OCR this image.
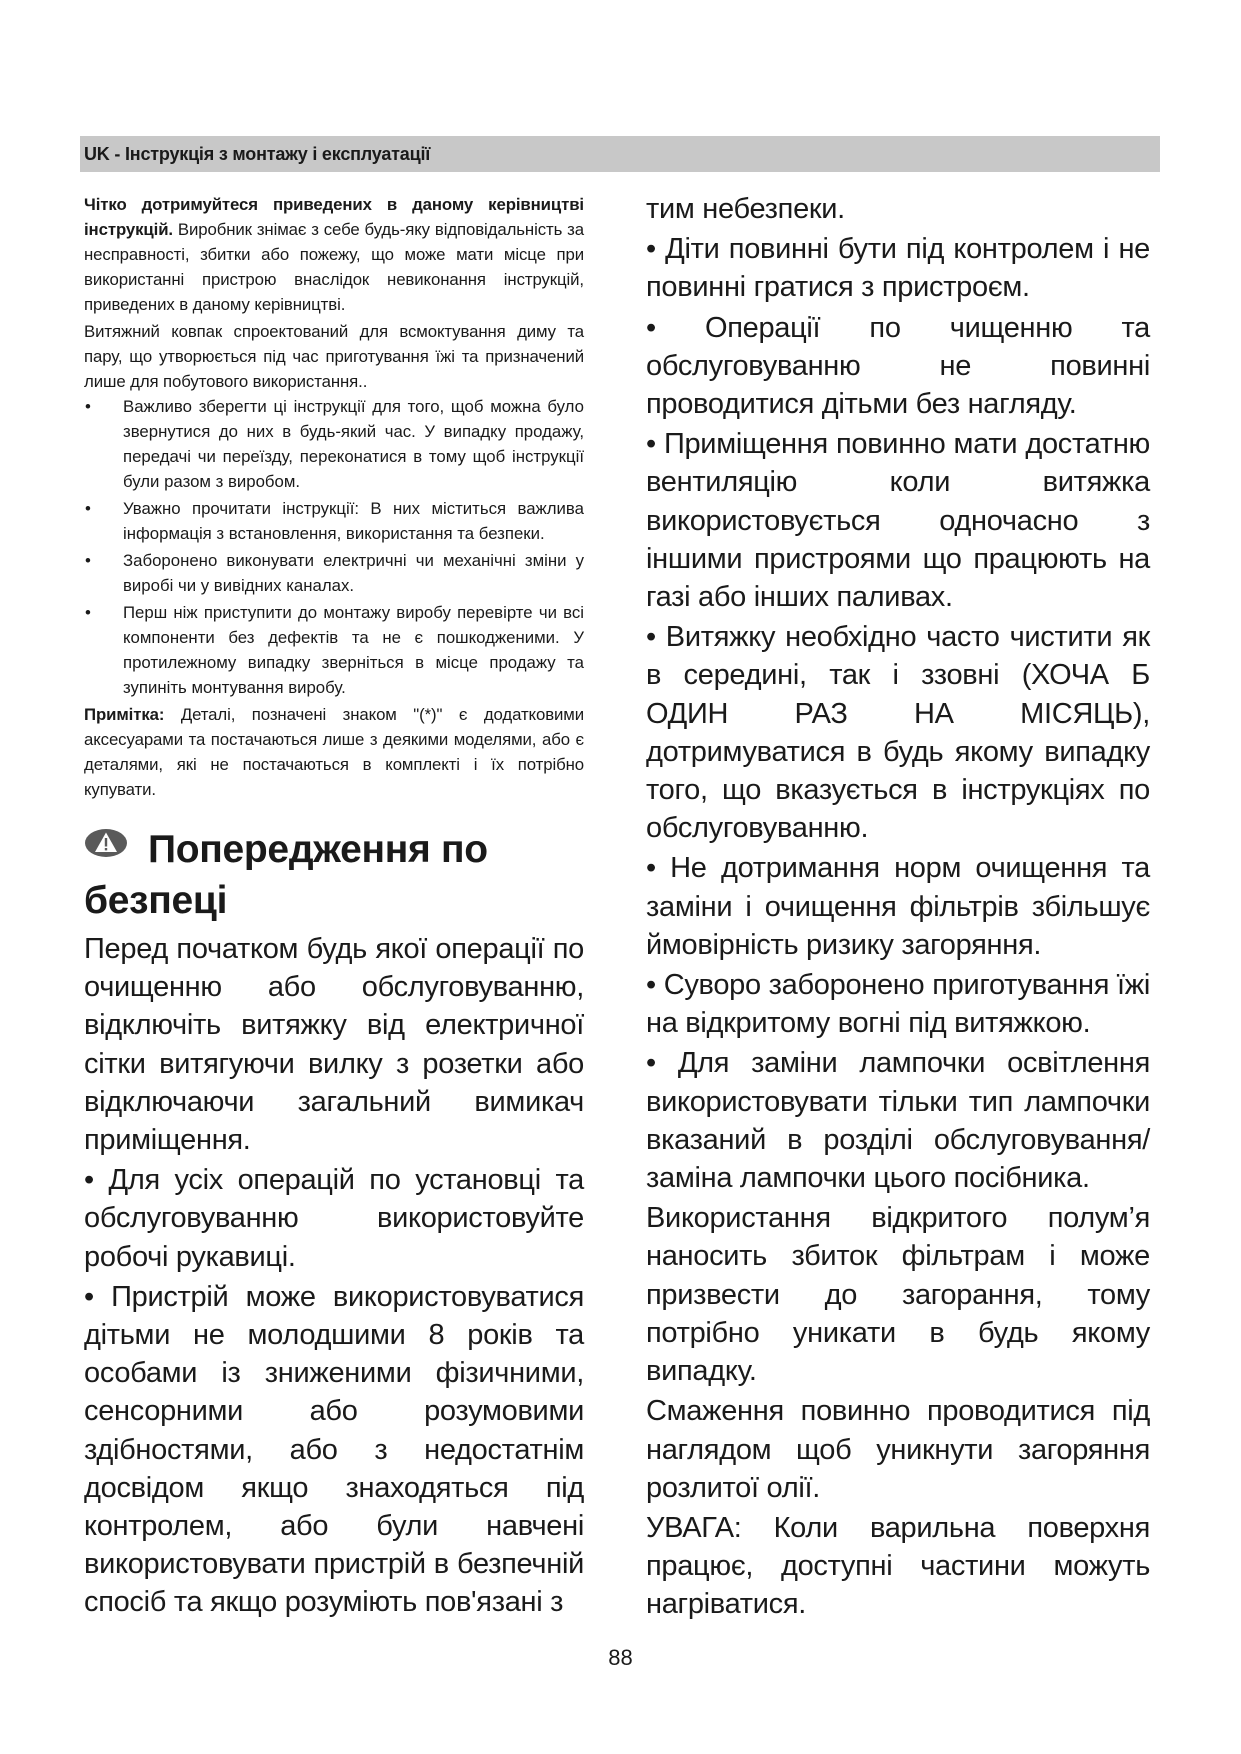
UK - Інструкція з монтажу і експлуатації

Чітко дотримуйтеся приведених в даному керівництві інструкцій. Виробник знімає з себе будь-яку відповідальність за несправності, збитки або пожежу, що може мати місце при використанні пристрою внаслідок невиконання інструкцій, приведених в даному керівництві.

Витяжний ковпак спроектований для всмоктування диму та пару, що утворюється під час приготування їжі та призначений лише для побутового використання..

• Важливо зберегти ці інструкції для того, щоб можна було звернутися до них в будь-який час. У випадку продажу, передачі чи переїзду, переконатися в тому щоб інструкції були разом з виробом.
• Уважно прочитати інструкції: В них міститься важлива інформація з встановлення, використання та безпеки.
• Заборонено виконувати електричні чи механічні зміни у виробі чи у вивідних каналах.
• Перш ніж приступити до монтажу виробу перевірте чи всі компоненти без дефектів та не є пошкодженими. У протилежному випадку зверніться в місце продажу та зупиніть монтування виробу.

Примітка: Деталі, позначені знаком "(*)" є додатковими аксесуарами та постачаються лише з деякими моделями, або є деталями, які не постачаються в комплекті і їх потрібно купувати.

Попередження по безпеці

Перед початком будь якої операції по очищенню або обслуговуванню, відключіть витяжку від електричної сітки витягуючи вилку з розетки або відключаючи загальний вимикач приміщення.

• Для усіх операцій по установці та обслуговуванню використовуйте робочі рукавиці.

• Пристрій може використовуватися дітьми не молодшими 8 років та особами із зниженими фізичними, сенсорними або розумовими здібностями, або з недостатнім досвідом якщо знаходяться під контролем, або були навчені використовувати пристрій в безпечній спосіб та якщо розуміють пов'язані з

тим небезпеки.

• Діти повинні бути під контролем і не повинні гратися з пристроєм.

• Операції по чищенню та обслуговуванню не повинні проводитися дітьми без нагляду.

• Приміщення повинно мати достатню вентиляцію коли витяжка використовується одночасно з іншими пристроями що працюють на газі або інших паливах.

• Витяжку необхідно часто чистити як в середині, так і ззовні (ХОЧА Б ОДИН РАЗ НА МІСЯЦЬ), дотримуватися в будь якому випадку того, що вказується в інструкціях по обслуговуванню.

• Не дотримання норм очищення та заміни і очищення фільтрів збільшує ймовірність ризику загоряння.

• Суворо заборонено приготування їжі на відкритому вогні під витяжкою.

• Для заміни лампочки освітлення використовувати тільки тип лампочки вказаний в розділі обслуговування/заміна лампочки цього посібника.

Використання відкритого полум’я наносить збиток фільтрам і може призвести до загорання, тому потрібно уникати в будь якому випадку.

Смаження повинно проводитися під наглядом щоб уникнути загоряння розлитої олії.

УВАГА: Коли варильна поверхня працює, доступні частини можуть нагріватися.

88
